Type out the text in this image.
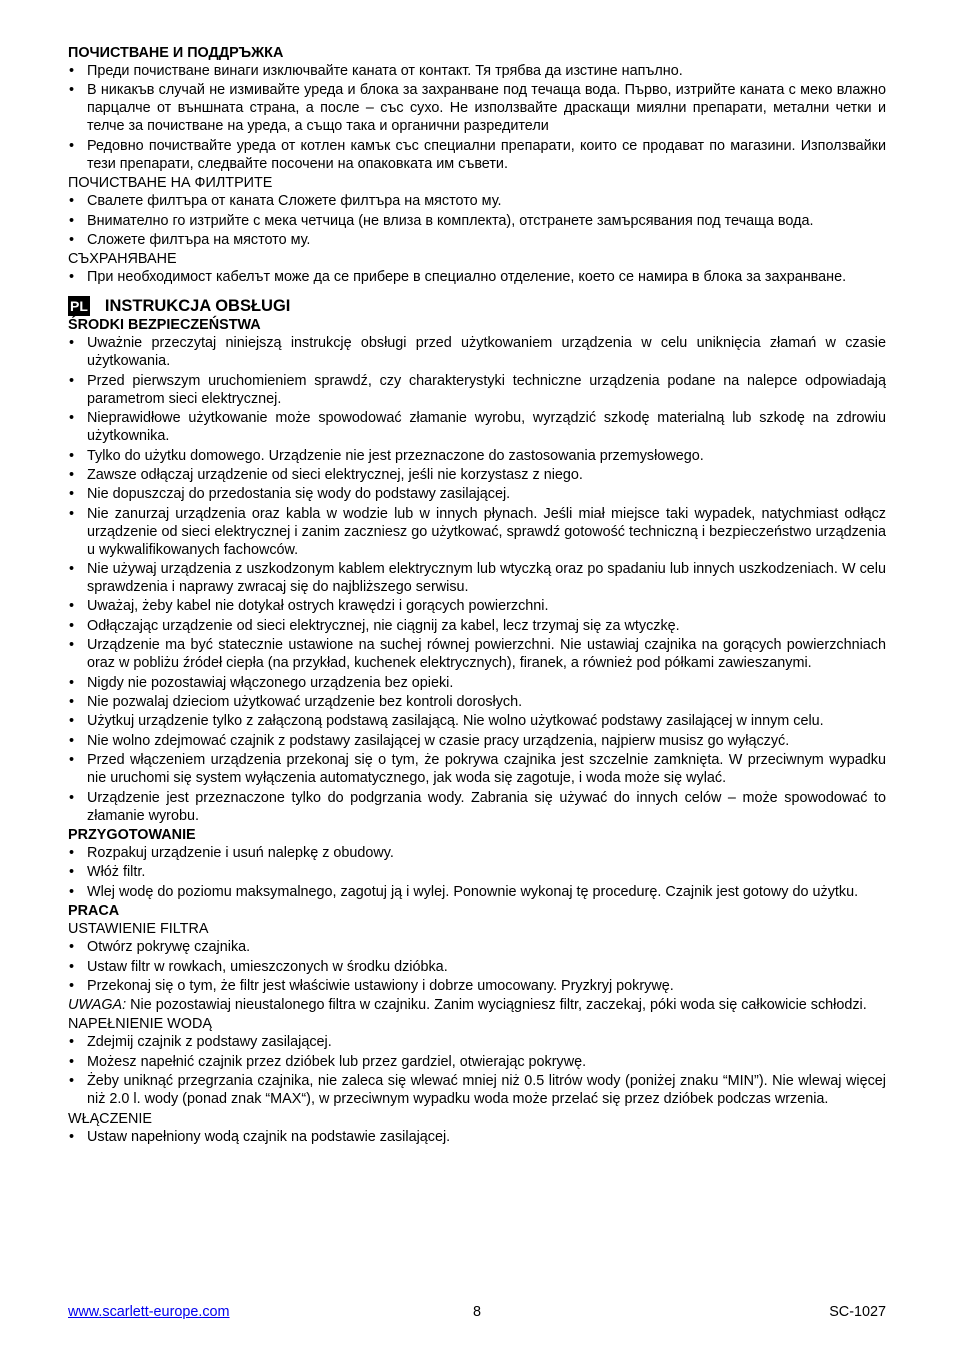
ПОЧИСТВАНЕ И ПОДДРЪЖКА
• Преди почистване винаги изключвайте каната от контакт. Тя трябва да изстине напълно.
• В никакъв случай не измивайте уреда и блока за захранване под течаща вода. Първо, изтрийте каната с меко влажно парцалче от външната страна, а после – със сухо. Не използвайте драскащи миялни препарати, метални четки и телче за почистване на уреда, а също така и органични разредители
• Редовно почиствайте уреда от котлен камък със специални препарати, които се продават по магазини. Използвайки тези препарати, следвайте посочени на опаковката им съвети.
ПОЧИСТВАНЕ НА ФИЛТРИТЕ
• Свалете филтъра от каната Сложете филтъра на мястото му.
• Внимателно го изтрийте с мека четчица (не влиза в комплекта), отстранете замърсявания под течаща вода.
• Сложете филтъра на мястото му.
СЪХРАНЯВАНЕ
• При необходимост кабелът може да се прибере в специално отделение, което се намира в блока за захранване.
PL INSTRUKCJA OBSŁUGI
ŚRODKI BEZPIECZEŃSTWA
• Uważnie przeczytaj niniejszą instrukcję obsługi przed użytkowaniem urządzenia w celu uniknięcia złamań w czasie użytkowania.
• Przed pierwszym uruchomieniem sprawdź, czy charakterystyki techniczne urządzenia podane na nalepce odpowiadają parametrom sieci elektrycznej.
• Nieprawidłowe użytkowanie może spowodować złamanie wyrobu, wyrządzić szkodę materialną lub szkodę na zdrowiu użytkownika.
• Tylko do użytku domowego. Urządzenie nie jest przeznaczone do zastosowania przemysłowego.
• Zawsze odłączaj urządzenie od sieci elektrycznej, jeśli nie korzystasz z niego.
• Nie dopuszczaj do przedostania się wody do podstawy zasilającej.
• Nie zanurzaj urządzenia oraz kabla w wodzie lub w innych płynach. Jeśli miał miejsce taki wypadek, natychmiast odłącz urządzenie od sieci elektrycznej i zanim zaczniesz go użytkować, sprawdź gotowość techniczną i bezpieczeństwo urządzenia u wykwalifikowanych fachowców.
• Nie używaj urządzenia z uszkodzonym kablem elektrycznym lub wtyczką oraz po spadaniu lub innych uszkodzeniach. W celu sprawdzenia i naprawy zwracaj się do najbliższego serwisu.
• Uważaj, żeby kabel nie dotykał ostrych krawędzi i gorących powierzchni.
• Odłączając urządzenie od sieci elektrycznej, nie ciągnij za kabel, lecz trzymaj się za wtyczkę.
• Urządzenie ma być statecznie ustawione na suchej równej powierzchni. Nie ustawiaj czajnika na gorących powierzchniach oraz w pobliżu źródeł ciepła (na przykład, kuchenek elektrycznych), firanek, a również pod półkami zawieszanymi.
• Nigdy nie pozostawiaj włączonego urządzenia bez opieki.
• Nie pozwalaj dzieciom użytkować urządzenie bez kontroli dorosłych.
• Użytkuj urządzenie tylko z załączoną podstawą zasilającą. Nie wolno użytkować podstawy zasilającej w innym celu.
• Nie wolno zdejmować czajnik z podstawy zasilającej w czasie pracy urządzenia, najpierw musisz go wyłączyć.
• Przed włączeniem urządzenia przekonaj się o tym, że pokrywa czajnika jest szczelnie zamknięta. W przeciwnym wypadku nie uruchomi się system wyłączenia automatycznego, jak woda się zagotuje, i woda może się wylać.
• Urządzenie jest przeznaczone tylko do podgrzania wody. Zabrania się używać do innych celów – może spowodować to złamanie wyrobu.
PRZYGOTOWANIE
• Rozpakuj urządzenie i usuń nalepkę z obudowy.
• Włóż filtr.
• Wlej wodę do poziomu maksymalnego, zagotuj ją i wylej. Ponownie wykonaj tę procedurę. Czajnik jest gotowy do użytku.
PRACA
USTAWIENIE FILTRA
• Otwórz pokrywę czajnika.
• Ustaw filtr w rowkach, umieszczonych w środku dzióbka.
• Przekonaj się o tym, że filtr jest właściwie ustawiony i dobrze umocowany. Pryzkryj pokrywę.
UWAGA: Nie pozostawiaj nieustalonego filtra w czajniku. Zanim wyciągniesz filtr, zaczekaj, póki woda się całkowicie schłodzi.
NAPEŁNIENIE WODĄ
• Zdejmij czajnik z podstawy zasilającej.
• Możesz napełnić czajnik przez dzióbek lub przez gardziel, otwierając pokrywę.
• Żeby uniknąć przegrzania czajnika, nie zaleca się wlewać mniej niż 0.5 litrów wody (poniżej znaku “MIN”). Nie wlewaj więcej niż 2.0 l. wody (ponad znak “MAX“), w przeciwnym wypadku woda może przelać się przez dzióbek podczas wrzenia.
WŁĄCZENIE
• Ustaw napełniony wodą czajnik na podstawie zasilającej.
8
www.scarlett-europe.com	SC-1027
